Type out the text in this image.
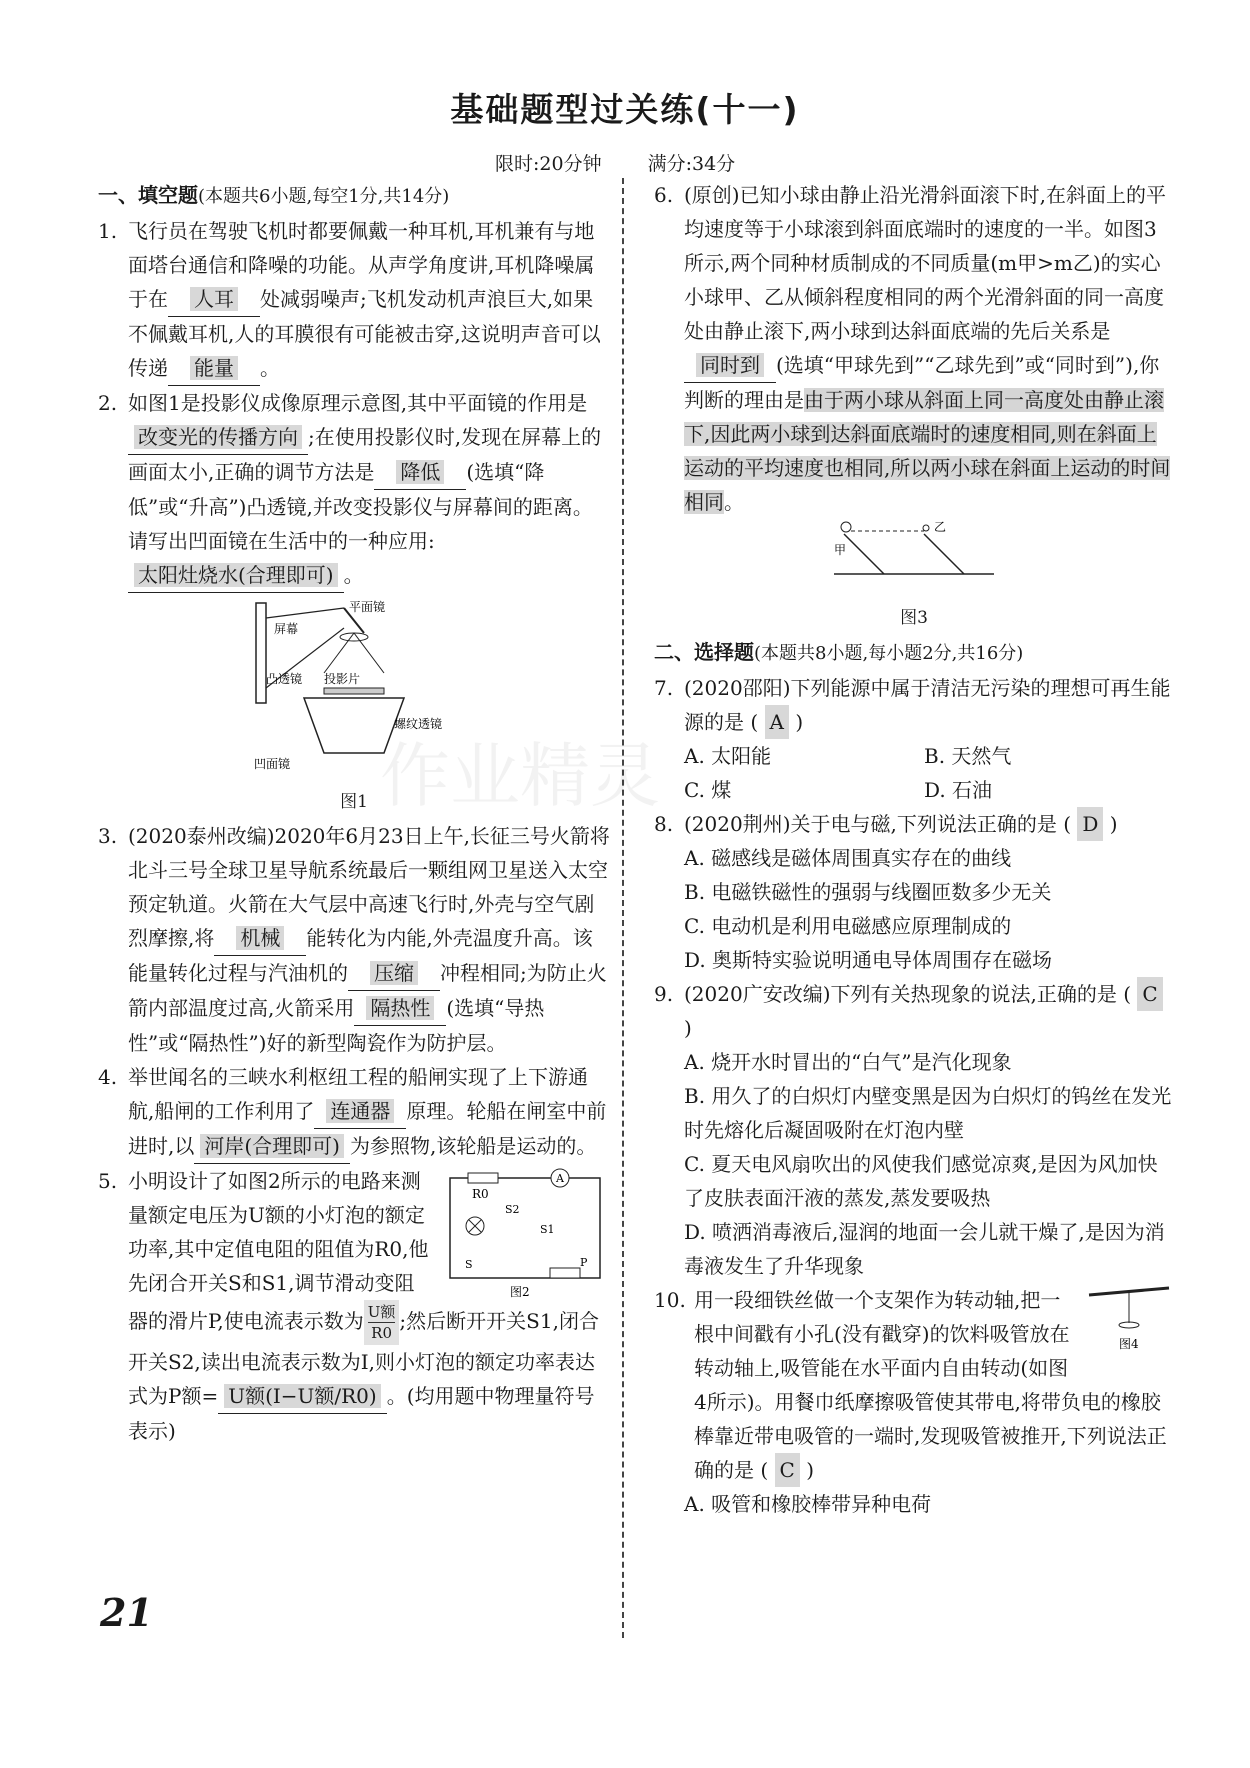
基础题型过关练(十一)
限时:20分钟 满分:34分
一、填空题(本题共6小题,每空1分,共14分)
1. 飞行员在驾驶飞机时都要佩戴一种耳机,耳机兼有与地面塔台通信和降噪的功能。从声学角度讲,耳机降噪属于在 人耳 处减弱噪声;飞机发动机声浪巨大,如果不佩戴耳机,人的耳膜很有可能被击穿,这说明声音可以传递 能量 。
2. 如图1是投影仪成像原理示意图,其中平面镜的作用是改变光的传播方向 ;在使用投影仪时,发现在屏幕上的画面太小,正确的调节方法是 降低 (选填“降低”或“升高”)凸透镜,并改变投影仪与屏幕间的距离。请写出凹面镜在生活中的一种应用:太阳灶烧水(合理即可) 。
屏幕
平面镜
凸透镜 投影片
螺纹透镜
凹面镜
图1
3. (2020泰州改编)2020年6月23日上午,长征三号火箭将北斗三号全球卫星导航系统最后一颗组网卫星送入太空预定轨道。火箭在大气层中高速飞行时,外壳与空气剧烈摩擦,将 机械 能转化为内能,外壳温度升高。该能量转化过程与汽油机的 压缩 冲程相同;为防止火箭内部温度过高,火箭采用 隔热性 (选填“导热性”或“隔热性”)好的新型陶瓷作为防护层。
4. 举世闻名的三峡水利枢纽工程的船闸实现了上下游通航,船闸的工作利用了 连通器 原理。轮船在闸室中前进时,以 河岸(合理即可) 为参照物,该轮船是运动的。
5.
R0
A
S2
S1
S	P
图2
小明设计了如图2所示的电路来测量额定电压为U额的小灯泡的额定功率,其中定值电阻的阻值为R0,他先闭合开关S和S1,调节滑动变阻器的滑片P,使电流表示数为 $\frac{\text{U额}}{R0}$;然后断开开关S1,闭合开关S2,读出电流表示数为I,则小灯泡的额定功率表达式为P额= U额(I−U额/R0) 。(均用题中物理量符号表示)
6. (原创)已知小球由静止沿光滑斜面滚下时,在斜面上的平均速度等于小球滚到斜面底端时的速度的一半。如图3所示,两个同种材质制成的不同质量(m甲>m乙)的实心小球甲、乙从倾斜程度相同的两个光滑斜面的同一高度处由静止滚下,两小球到达斜面底端的先后关系是同时到 (选填“甲球先到”“乙球先到”或“同时到”),你判断的理由是由于两小球从斜面上同一高度处由静止滚下,因此两小球到达斜面底端时的速度相同,则在斜面上运动的平均速度也相同,所以两小球在斜面上运动的时间相同。
甲
乙
图3
二、选择题(本题共8小题,每小题2分,共16分)
7. (2020邵阳)下列能源中属于清洁无污染的理想可再生能源的是 ( A )
A. 太阳能	B. 天然气
C. 煤	D. 石油
8. (2020荆州)关于电与磁,下列说法正确的是 ( D )
A. 磁感线是磁体周围真实存在的曲线
B. 电磁铁磁性的强弱与线圈匝数多少无关
C. 电动机是利用电磁感应原理制成的
D. 奥斯特实验说明通电导体周围存在磁场
9. (2020广安改编)下列有关热现象的说法,正确的是 ( C )
A. 烧开水时冒出的“白气”是汽化现象
B. 用久了的白炽灯内壁变黑是因为白炽灯的钨丝在发光时先熔化后凝固吸附在灯泡内壁
C. 夏天电风扇吹出的风使我们感觉凉爽,是因为风加快了皮肤表面汗液的蒸发,蒸发要吸热
D. 喷洒消毒液后,湿润的地面一会儿就干燥了,是因为消毒液发生了升华现象
10.
图4
用一段细铁丝做一个支架作为转动轴,把一根中间戳有小孔(没有戳穿)的饮料吸管放在转动轴上,吸管能在水平面内自由转动(如图4所示)。用餐巾纸摩擦吸管使其带电,将带负电的橡胶棒靠近带电吸管的一端时,发现吸管被推开,下列说法正确的是 ( C )
A. 吸管和橡胶棒带异种电荷
作业精灵
21
